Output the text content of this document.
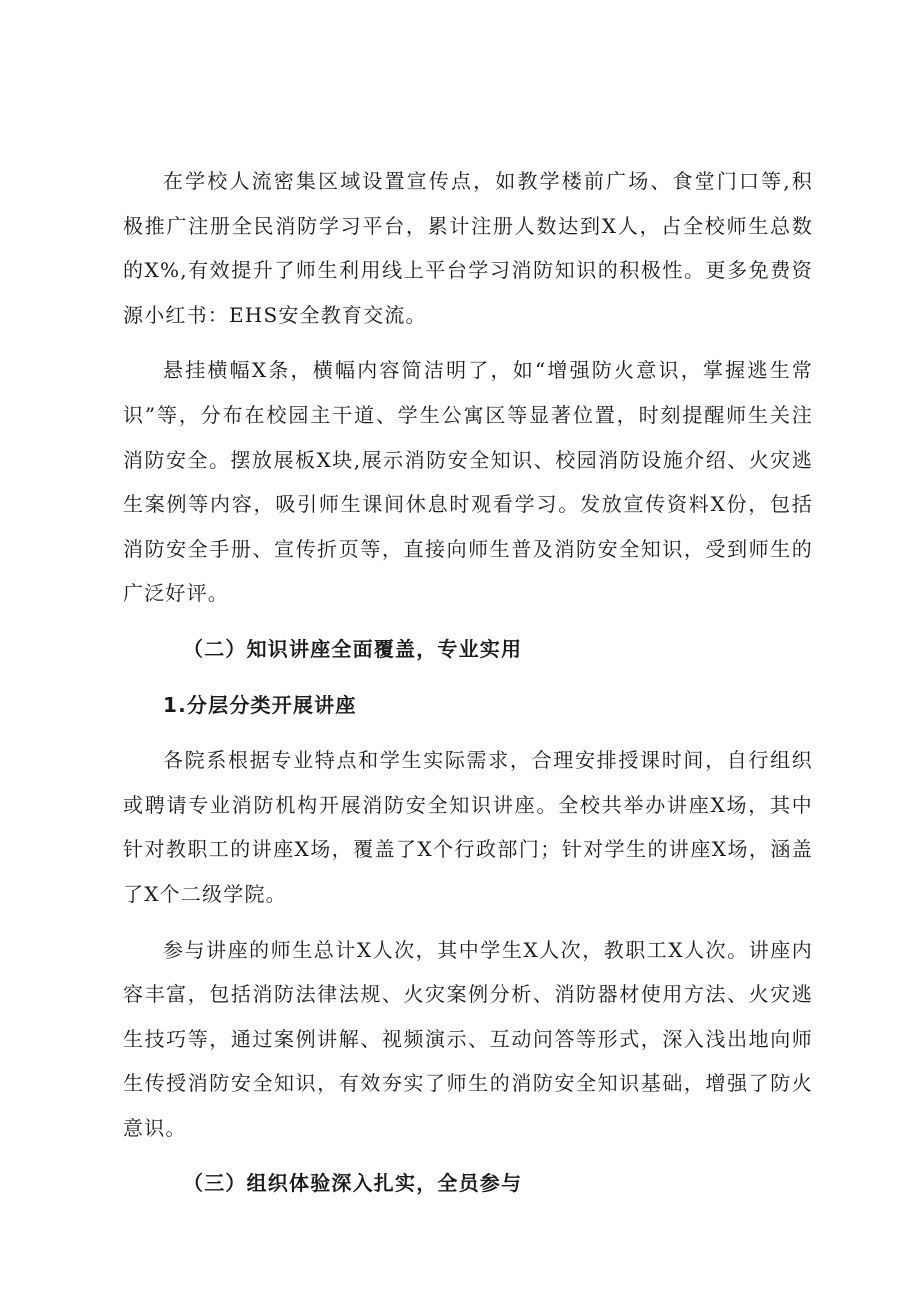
在学校人流密集区域设置宣传点，如教学楼前广场、食堂门口等,积
极推广注册全民消防学习平台，累计注册人数达到X人，占全校师生总数
的X%,有效提升了师生利用线上平台学习消防知识的积极性。更多免费资
源小红书：EHS安全教育交流。
悬挂横幅X条，横幅内容简洁明了，如“增强防火意识，掌握逃生常
识”等，分布在校园主干道、学生公寓区等显著位置，时刻提醒师生关注
消防安全。摆放展板X块,展示消防安全知识、校园消防设施介绍、火灾逃
生案例等内容，吸引师生课间休息时观看学习。发放宣传资料X份，包括
消防安全手册、宣传折页等，直接向师生普及消防安全知识，受到师生的
广泛好评。
（二）知识讲座全面覆盖，专业实用
1.分层分类开展讲座
各院系根据专业特点和学生实际需求，合理安排授课时间，自行组织
或聘请专业消防机构开展消防安全知识讲座。全校共举办讲座X场，其中
针对教职工的讲座X场，覆盖了X个行政部门；针对学生的讲座X场，涵盖
了X个二级学院。
参与讲座的师生总计X人次，其中学生X人次，教职工X人次。讲座内
容丰富，包括消防法律法规、火灾案例分析、消防器材使用方法、火灾逃
生技巧等，通过案例讲解、视频演示、互动问答等形式，深入浅出地向师
生传授消防安全知识，有效夯实了师生的消防安全知识基础，增强了防火
意识。
（三）组织体验深入扎实，全员参与
